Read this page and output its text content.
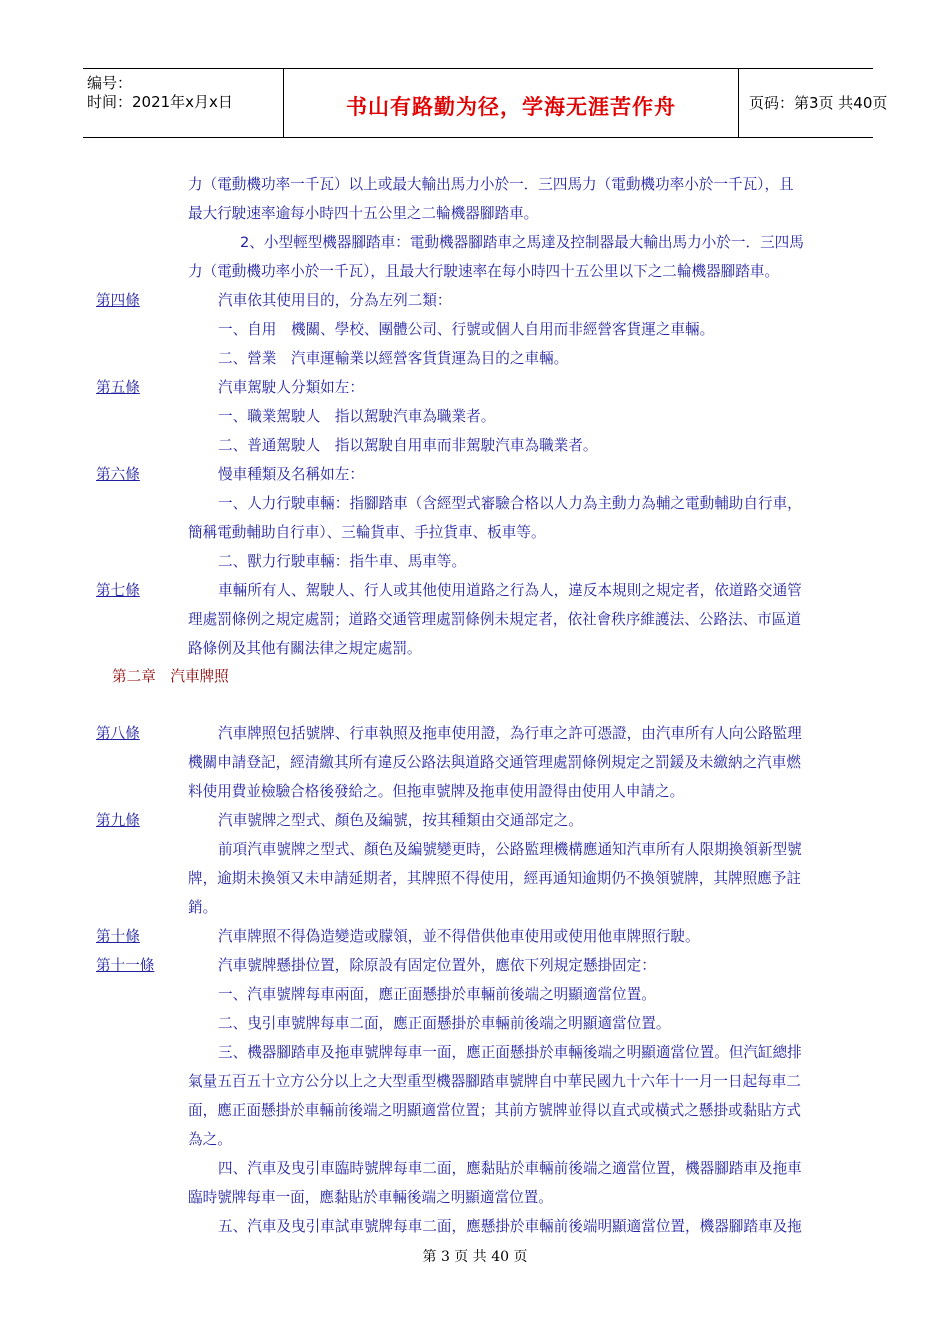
编号：
时间：2021年x月x日	书山有路勤为径，学海无涯苦作舟	页码：第3页 共40页
力（電動機功率一千瓦）以上或最大輸出馬力小於一．三四馬力（電動機功率小於一千瓦），且
最大行駛速率逾每小時四十五公里之二輪機器腳踏車。
2、小型輕型機器腳踏車：電動機器腳踏車之馬達及控制器最大輸出馬力小於一．三四馬
力（電動機功率小於一千瓦），且最大行駛速率在每小時四十五公里以下之二輪機器腳踏車。
第四條	汽車依其使用目的，分為左列二類：
一、自用　機關、學校、團體公司、行號或個人自用而非經營客貨運之車輛。
二、營業　汽車運輸業以經營客貨貨運為目的之車輛。
第五條	汽車駕駛人分類如左：
一、職業駕駛人　指以駕駛汽車為職業者。
二、普通駕駛人　指以駕駛自用車而非駕駛汽車為職業者。
第六條	慢車種類及名稱如左：
一、人力行駛車輛：指腳踏車（含經型式審驗合格以人力為主動力為輔之電動輔助自行車，
簡稱電動輔助自行車）、三輪貨車、手拉貨車、板車等。
二、獸力行駛車輛：指牛車、馬車等。
第七條	車輛所有人、駕駛人、行人或其他使用道路之行為人，違反本規則之規定者，依道路交通管
理處罰條例之規定處罰；道路交通管理處罰條例未規定者，依社會秩序維護法、公路法、市區道
路條例及其他有關法律之規定處罰。
第二章　汽車牌照
第八條	汽車牌照包括號牌、行車執照及拖車使用證，為行車之許可憑證，由汽車所有人向公路監理
機關申請登記，經清繳其所有違反公路法與道路交通管理處罰條例規定之罰鍰及未繳納之汽車燃
料使用費並檢驗合格後發給之。但拖車號牌及拖車使用證得由使用人申請之。
第九條	汽車號牌之型式、顏色及編號，按其種類由交通部定之。
前項汽車號牌之型式、顏色及編號變更時，公路監理機構應通知汽車所有人限期換領新型號
牌，逾期未換領又未申請延期者，其牌照不得使用，經再通知逾期仍不換領號牌，其牌照應予註
銷。
第十條	汽車牌照不得偽造變造或朦領，並不得借供他車使用或使用他車牌照行駛。
第十一條	汽車號牌懸掛位置，除原設有固定位置外，應依下列規定懸掛固定：
一、汽車號牌每車兩面，應正面懸掛於車輛前後端之明顯適當位置。
二、曳引車號牌每車二面，應正面懸掛於車輛前後端之明顯適當位置。
三、機器腳踏車及拖車號牌每車一面，應正面懸掛於車輛後端之明顯適當位置。但汽缸總排
氣量五百五十立方公分以上之大型重型機器腳踏車號牌自中華民國九十六年十一月一日起每車二
面，應正面懸掛於車輛前後端之明顯適當位置；其前方號牌並得以直式或橫式之懸掛或黏貼方式
為之。
四、汽車及曳引車臨時號牌每車二面，應黏貼於車輛前後端之適當位置，機器腳踏車及拖車
臨時號牌每車一面，應黏貼於車輛後端之明顯適當位置。
五、汽車及曳引車試車號牌每車二面，應懸掛於車輛前後端明顯適當位置，機器腳踏車及拖
第 3 页 共 40 页
